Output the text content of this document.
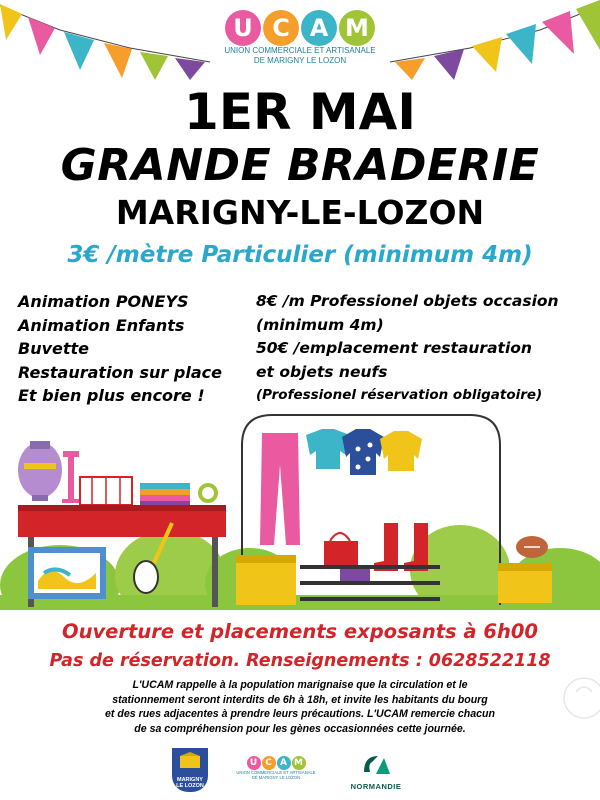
U C A M
UNION COMMERCIALE ET ARTISANALE
DE MARIGNY LE LOZON
1ER MAI
GRANDE BRADERIE
MARIGNY-LE-LOZON
3€ /mètre Particulier (minimum 4m)
Animation PONEYS
Animation Enfants
Buvette
Restauration sur place
Et bien plus encore !
8€ /m Professionel objets occasion
(minimum 4m)
50€ /emplacement restauration
et objets neufs
(Professionel réservation obligatoire)
Ouverture et placements exposants à 6h00
Pas de réservation. Renseignements : 0628522118
L'UCAM rappelle à la population marignaise que la circulation et le
stationnement seront interdits de 6h à 18h, et invite les habitants du bourg
et des rues adjacentes à prendre leurs précautions. L'UCAM remercie chacun
de sa compréhension pour les gènes occasionnées cette journée.
MARIGNY
LE LOZON
U C A M
UNION COMMERCIALE ET ARTISANALE
DE MARIGNY LE LOZON
NORMANDIE
